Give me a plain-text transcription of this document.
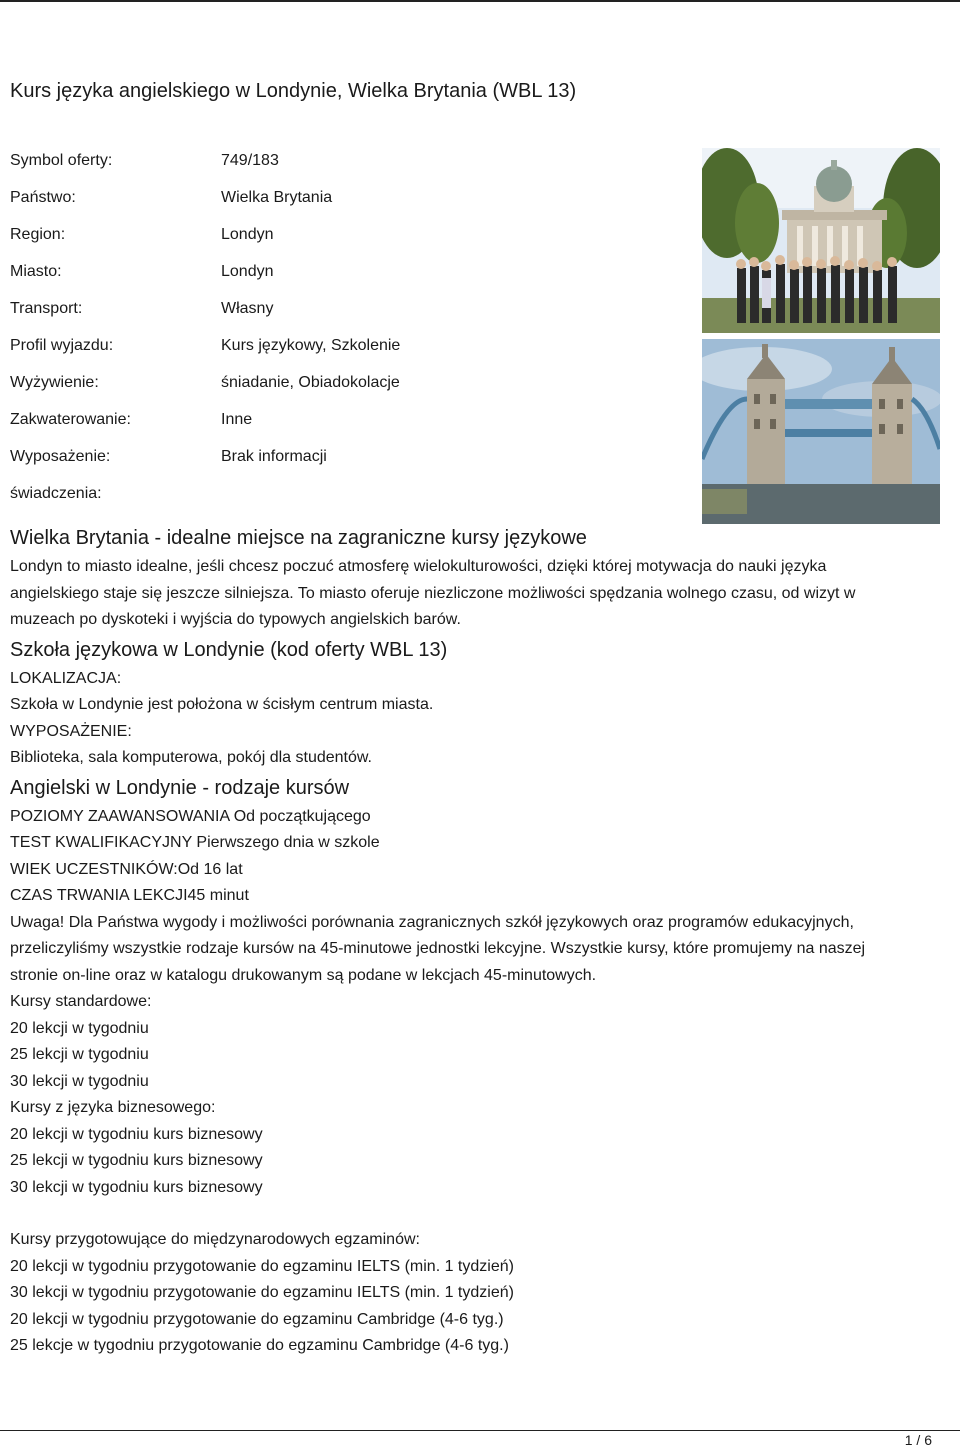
Kurs języka angielskiego w Londynie, Wielka Brytania (WBL 13)
Symbol oferty:	749/183
Państwo:	Wielka Brytania
Region:	Londyn
Miasto:	Londyn
Transport:	Własny
Profil wyjazdu:	Kurs językowy, Szkolenie
Wyżywienie:	śniadanie, Obiadokolacje
Zakwaterowanie:	Inne
Wyposażenie:	Brak informacji
świadczenia:
Wielka Brytania - idealne miejsce na zagraniczne kursy językowe
Londyn to miasto idealne, jeśli chcesz poczuć atmosferę wielokulturowości, dzięki której motywacja do nauki języka
angielskiego staje się jeszcze silniejsza. To miasto oferuje niezliczone możliwości spędzania wolnego czasu, od wizyt w
muzeach po dyskoteki i wyjścia do typowych angielskich barów.
Szkoła językowa w Londynie (kod oferty WBL 13)
LOKALIZACJA:
Szkoła w Londynie jest położona w ścisłym centrum miasta.
WYPOSAŻENIE:
Biblioteka, sala komputerowa, pokój dla studentów.
Angielski w Londynie - rodzaje kursów
POZIOMY ZAAWANSOWANIA Od początkującego
TEST KWALIFIKACYJNY Pierwszego dnia w szkole
WIEK UCZESTNIKÓW:Od 16 lat
CZAS TRWANIA LEKCJI45 minut
Uwaga! Dla Państwa wygody i możliwości porównania zagranicznych szkół językowych oraz programów edukacyjnych,
przeliczyliśmy wszystkie rodzaje kursów na 45-minutowe jednostki lekcyjne. Wszystkie kursy, które promujemy na naszej
stronie on-line oraz w katalogu drukowanym są podane w lekcjach 45-minutowych.
Kursy standardowe:
20 lekcji w tygodniu
25 lekcji w tygodniu
30 lekcji w tygodniu
Kursy z języka biznesowego:
20 lekcji w tygodniu kurs biznesowy
25 lekcji w tygodniu kurs biznesowy
30 lekcji w tygodniu kurs biznesowy
Kursy przygotowujące do międzynarodowych egzaminów:
20 lekcji w tygodniu przygotowanie do egzaminu IELTS (min. 1 tydzień)
30 lekcji w tygodniu przygotowanie do egzaminu IELTS (min. 1 tydzień)
20 lekcji w tygodniu przygotowanie do egzaminu Cambridge (4-6 tyg.)
25 lekcje w tygodniu przygotowanie do egzaminu Cambridge (4-6 tyg.)
1 / 6
